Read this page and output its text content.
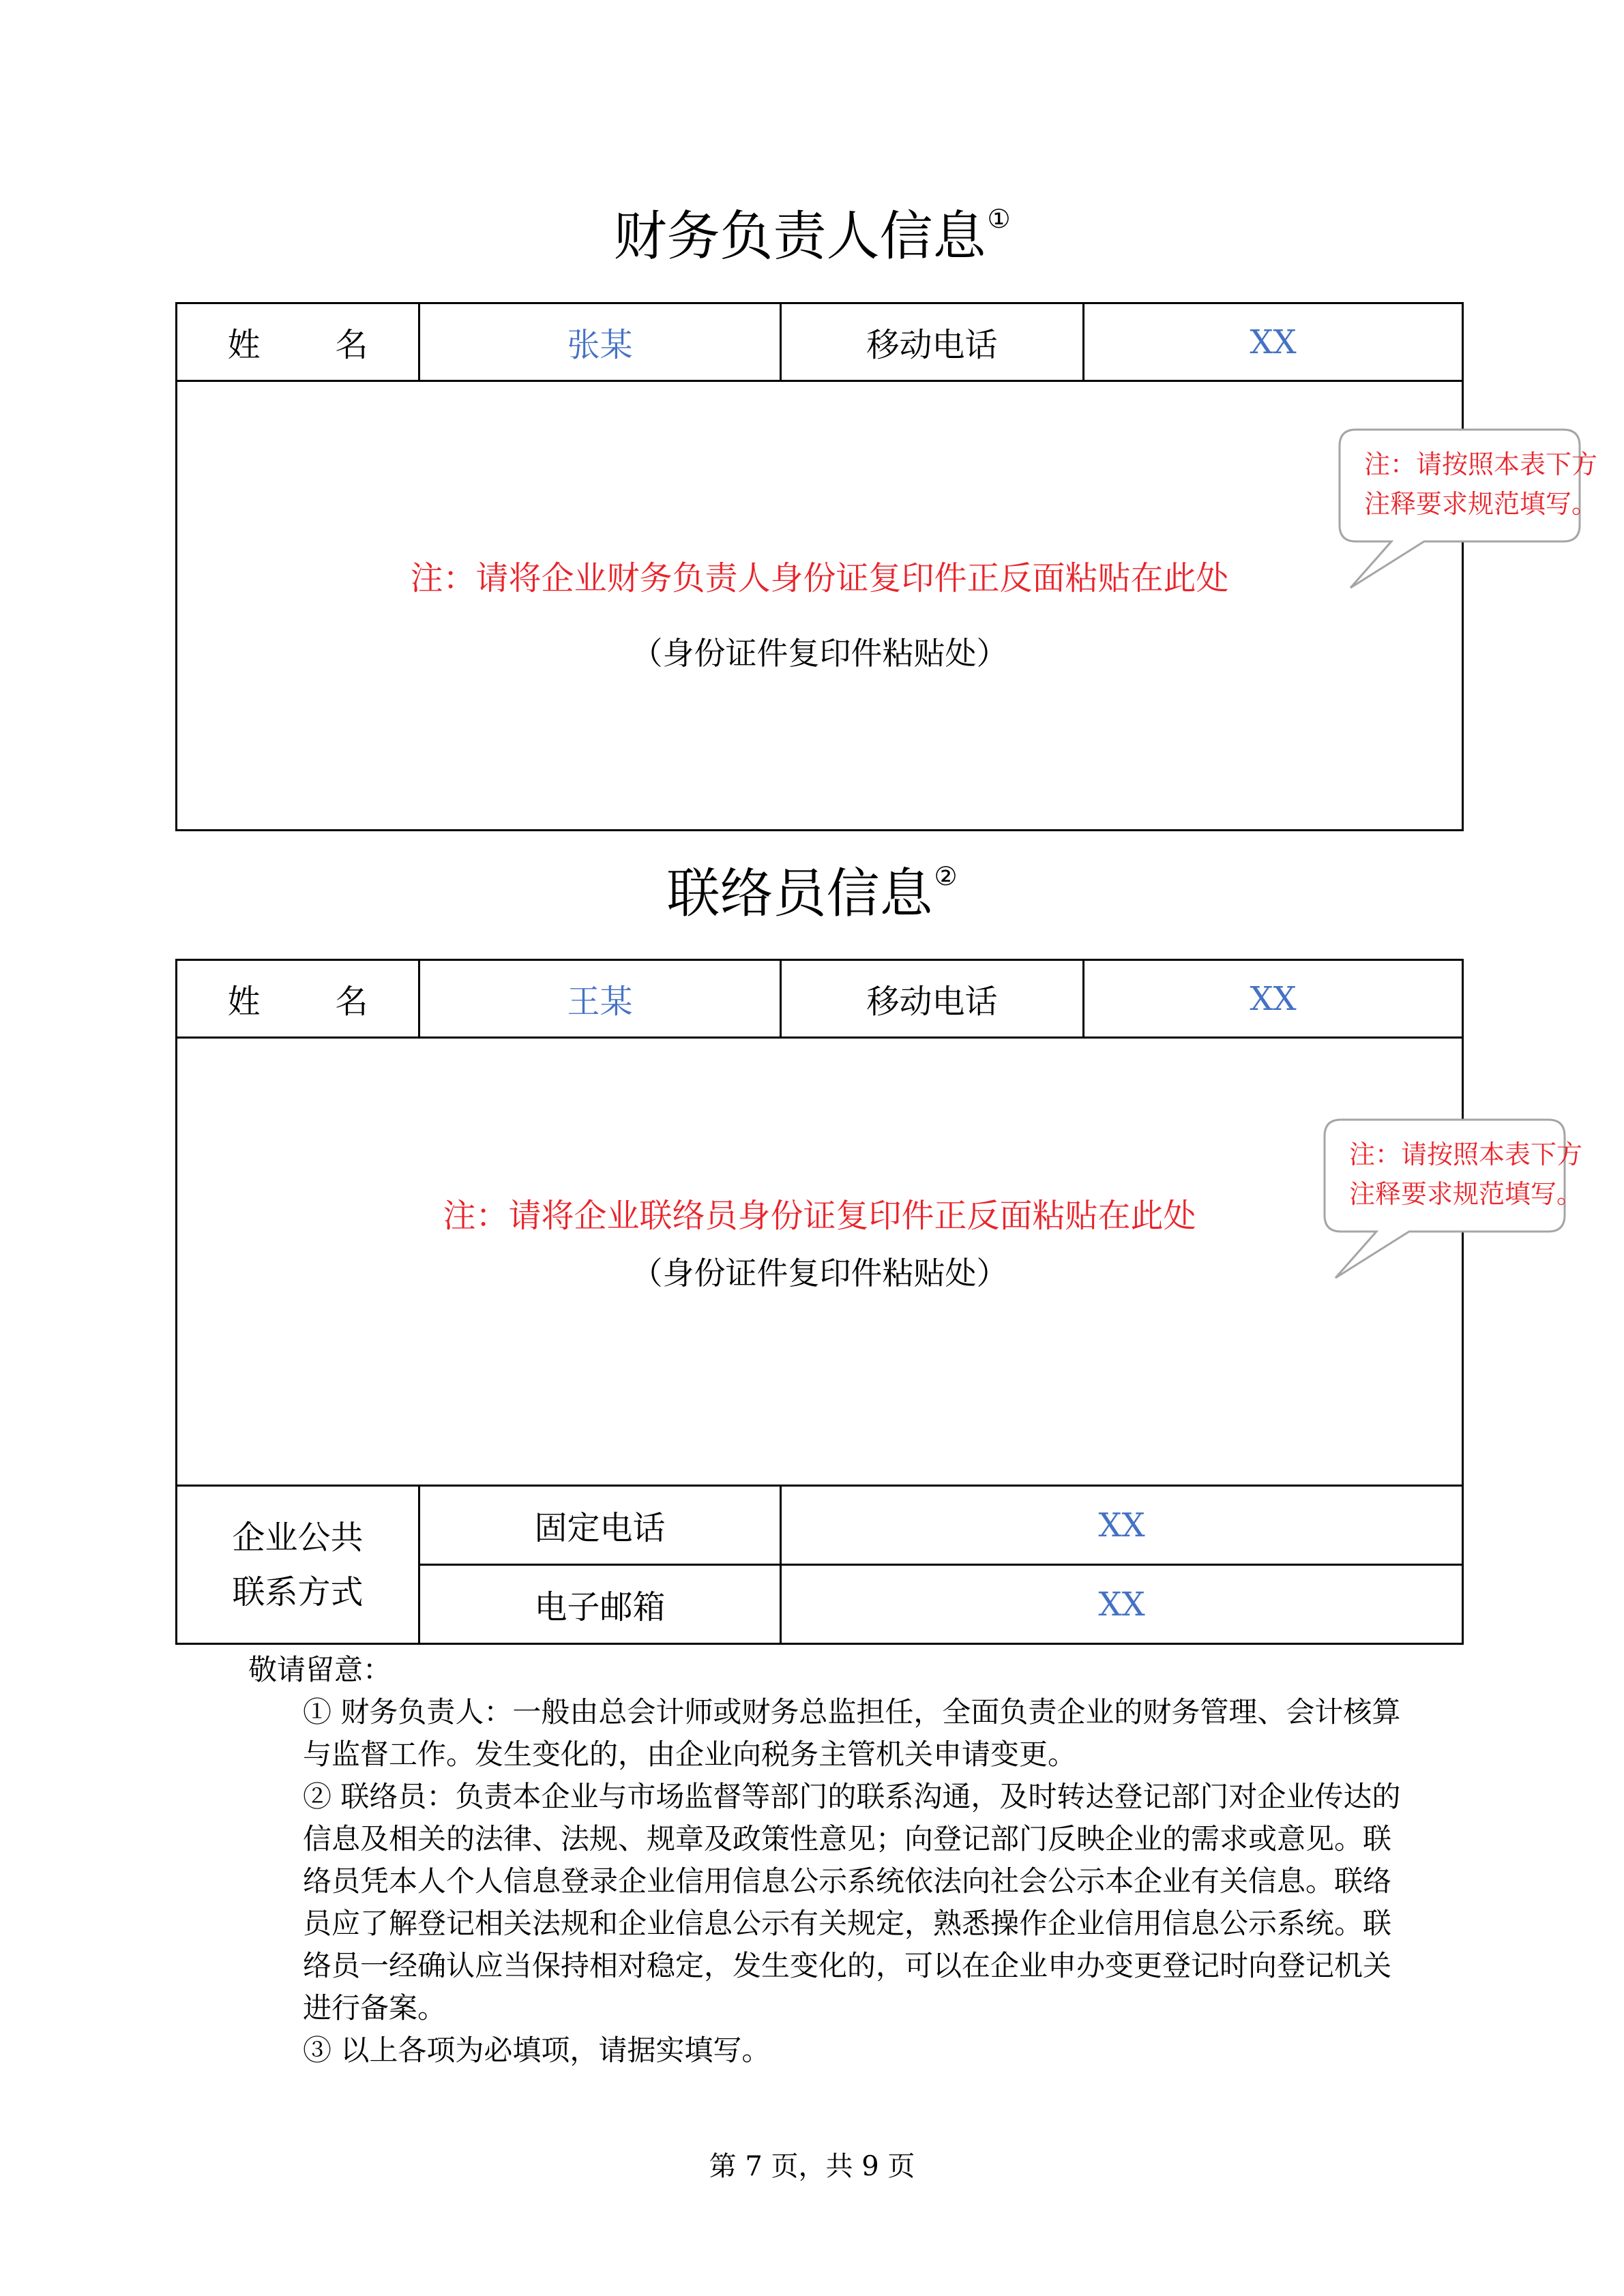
财务负责人信息①
姓 名	张某	移动电话	XX

注：请将企业财务负责人身份证复印件正反面粘贴在此处
（身份证件复印件粘贴处）
注：请按照本表下方
注释要求规范填写。
联络员信息②
姓 名	王某	移动电话	XX

注：请将企业联络员身份证复印件正反面粘贴在此处
（身份证件复印件粘贴处）			

企业公共
联系方式	固定电话	XX	
	电子邮箱	XX	
注：请按照本表下方
注释要求规范填写。
敬请留意：
① 财务负责人：一般由总会计师或财务总监担任，全面负责企业的财务管理、会计核算与监督工作。发生变化的，由企业向税务主管机关申请变更。
② 联络员：负责本企业与市场监督等部门的联系沟通，及时转达登记部门对企业传达的信息及相关的法律、法规、规章及政策性意见；向登记部门反映企业的需求或意见。联络员凭本人个人信息登录企业信用信息公示系统依法向社会公示本企业有关信息。联络员应了解登记相关法规和企业信息公示有关规定，熟悉操作企业信用信息公示系统。联络员一经确认应当保持相对稳定，发生变化的，可以在企业申办变更登记时向登记机关进行备案。
③ 以上各项为必填项，请据实填写。
第 7 页，共 9 页
